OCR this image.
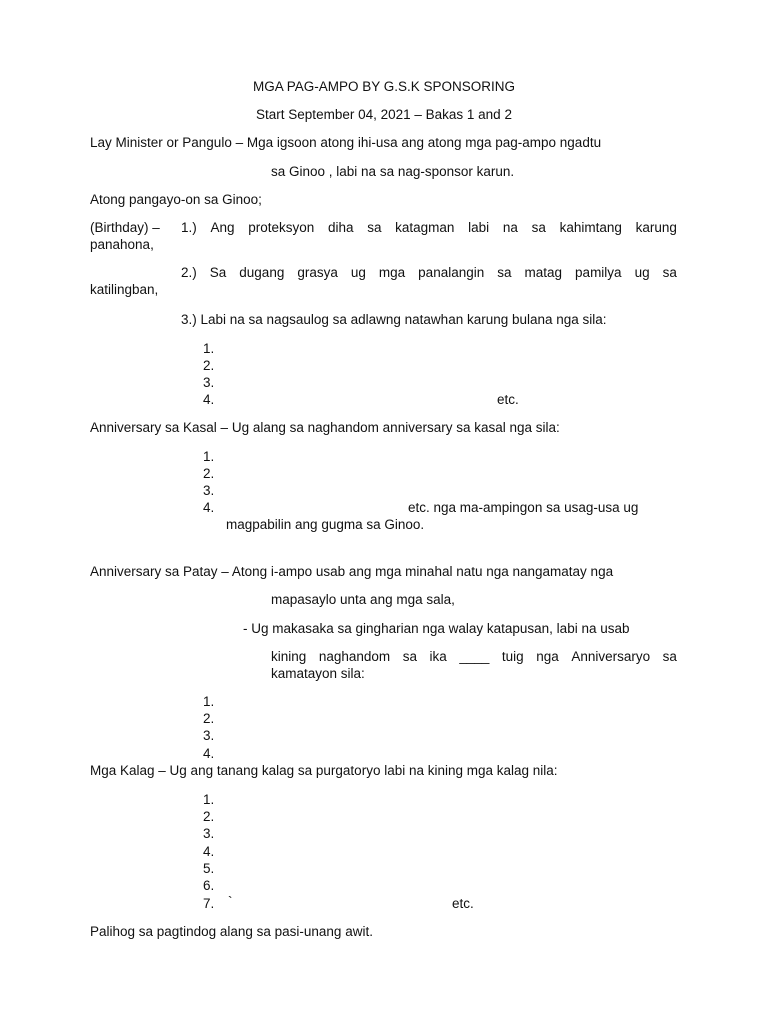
MGA PAG-AMPO BY G.S.K SPONSORING
Start September 04, 2021 – Bakas 1 and 2
Lay Minister or Pangulo – Mga igsoon atong ihi-usa ang atong mga pag-ampo ngadtu
sa Ginoo , labi na sa nag-sponsor karun.
Atong pangayo-on sa Ginoo;
(Birthday) – 1.) Ang proteksyon diha sa katagman labi na sa kahimtang karung
panahona,
2.) Sa dugang grasya ug mga panalangin sa matag pamilya ug sa
katilingban,
3.) Labi na sa nagsaulog sa adlawng natawhan karung bulana nga sila:
1.
2.
3.
4.	etc.
Anniversary sa Kasal – Ug alang sa naghandom anniversary sa kasal nga sila:
1.
2.
3.
4.	etc. nga ma-ampingon sa usag-usa ug
magpabilin ang gugma sa Ginoo.
Anniversary sa Patay – Atong i-ampo usab ang mga minahal natu nga nangamatay nga
mapasaylo unta ang mga sala,
- Ug makasaka sa gingharian nga walay katapusan, labi na usab
kining naghandom sa ika ____ tuig nga Anniversaryo sa
kamatayon sila:
1.
2.
3.
4.
Mga Kalag – Ug ang tanang kalag sa purgatoryo labi na kining mga kalag nila:
1.
2.
3.
4.
5.
6.
7. `	etc.
Palihog sa pagtindog alang sa pasi-unang awit.
